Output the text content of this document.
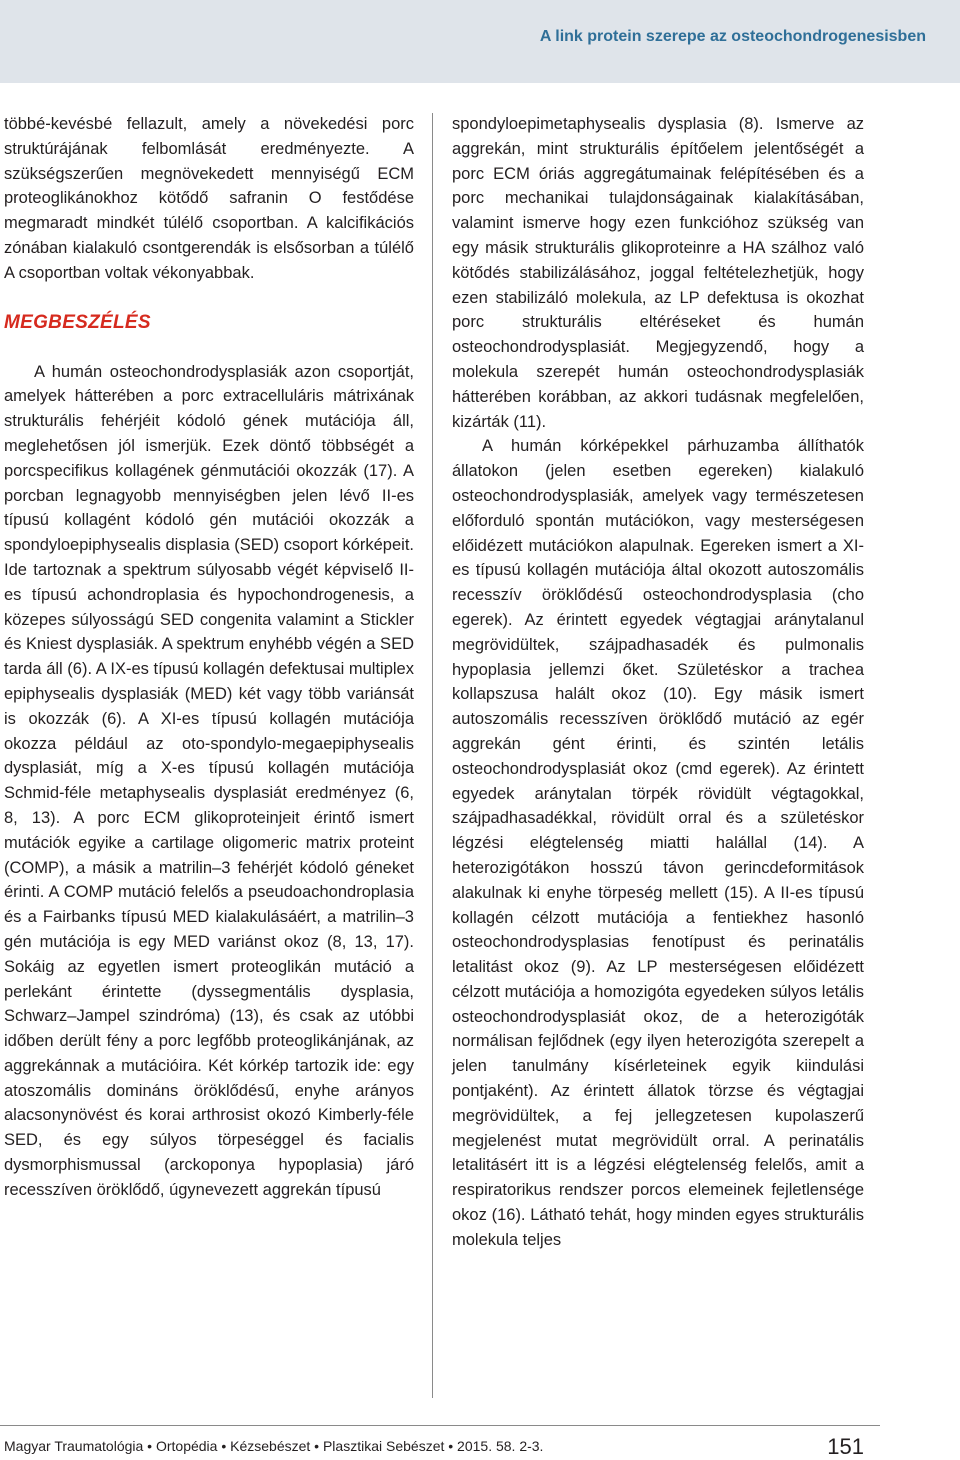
A link protein szerepe az osteochondrogenesisben

többé-kevésbé fellazult, amely a növekedési porc struktúrájának felbomlását eredményezte. A szükségszerűen megnövekedett mennyiségű ECM proteoglikánokhoz kötődő safranin O festődése megmaradt mindkét túlélő csoportban. A kalcifikációs zónában kialakuló csontgerendák is elsősorban a túlélő A csoportban voltak vékonyabbak.

MEGBESZÉLÉS

A humán osteochondrodysplasiák azon csoportját, amelyek hátterében a porc extracelluláris mátrixának strukturális fehérjéit kódoló gének mutációja áll, meglehetősen jól ismerjük. Ezek döntő többségét a porcspecifikus kollagének génmutációi okozzák (17). A porcban legnagyobb mennyiségben jelen lévő II-es típusú kollagént kódoló gén mutációi okozzák a spondyloepiphysealis displasia (SED) csoport kórképeit. Ide tartoznak a spektrum súlyosabb végét képviselő II-es típusú achondroplasia és hypochondrogenesis, a közepes súlyosságú SED congenita valamint a Stickler és Kniest dysplasiák. A spektrum enyhébb végén a SED tarda áll (6). A IX-es típusú kollagén defektusai multiplex epiphysealis dysplasiák (MED) két vagy több variánsát is okozzák (6). A XI-es típusú kollagén mutációja okozza például az oto-spondylo-megaepiphysealis dysplasiát, míg a X-es típusú kollagén mutációja Schmid-féle metaphysealis dysplasiát eredményez (6, 8, 13). A porc ECM glikoproteinjeit érintő ismert mutációk egyike a cartilage oligomeric matrix proteint (COMP), a másik a matrilin–3 fehérjét kódoló géneket érinti. A COMP mutáció felelős a pseudoachondroplasia és a Fairbanks típusú MED kialakulásáért, a matrilin–3 gén mutációja is egy MED variánst okoz (8, 13, 17). Sokáig az egyetlen ismert proteoglikán mutáció a perlekánt érintette (dyssegmentális dysplasia, Schwarz–Jampel szindróma) (13), és csak az utóbbi időben derült fény a porc legfőbb proteoglikánjának, az aggrekánnak a mutációira. Két kórkép tartozik ide: egy atoszomális domináns öröklődésű, enyhe arányos alacsonynövést és korai arthrosist okozó Kimberly-féle SED, és egy súlyos törpeséggel és facialis dysmorphismussal (arckoponya hypoplasia) járó recesszíven öröklődő, úgynevezett aggrekán típusú

spondyloepimetaphysealis dysplasia (8). Ismerve az aggrekán, mint strukturális építőelem jelentőségét a porc ECM óriás aggregátumainak felépítésében és a porc mechanikai tulajdonságainak kialakításában, valamint ismerve hogy ezen funkcióhoz szükség van egy másik strukturális glikoproteinre a HA szálhoz való kötődés stabilizálásához, joggal feltételezhetjük, hogy ezen stabilizáló molekula, az LP defektusa is okozhat porc strukturális eltéréseket és humán osteochondrodysplasiát. Megjegyzendő, hogy a molekula szerepét humán osteochondrodysplasiák hátterében korábban, az akkori tudásnak megfelelően, kizárták (11).

A humán kórképekkel párhuzamba állíthatók állatokon (jelen esetben egereken) kialakuló osteochondrodysplasiák, amelyek vagy természetesen előforduló spontán mutációkon, vagy mesterségesen előidézett mutációkon alapulnak. Egereken ismert a XI-es típusú kollagén mutációja által okozott autoszomális recesszív öröklődésű osteochondrodysplasia (cho egerek). Az érintett egyedek végtagjai aránytalanul megrövidültek, szájpadhasadék és pulmonalis hypoplasia jellemzi őket. Születéskor a trachea kollapszusa halált okoz (10). Egy másik ismert autoszomális recesszíven öröklődő mutáció az egér aggrekán gént érinti, és szintén letális osteochondrodysplasiát okoz (cmd egerek). Az érintett egyedek aránytalan törpék rövidült végtagokkal, szájpadhasadékkal, rövidült orral és a születéskor légzési elégtelenség miatti halállal (14). A heterozigótákon hosszú távon gerincdeformitások alakulnak ki enyhe törpeség mellett (15). A II-es típusú kollagén célzott mutációja a fentiekhez hasonló osteochondrodysplasias fenotípust és perinatális letalitást okoz (9). Az LP mesterségesen előidézett célzott mutációja a homozigóta egyedeken súlyos letális osteochondrodysplasiát okoz, de a heterozigóták normálisan fejlődnek (egy ilyen heterozigóta szerepelt a jelen tanulmány kísérleteinek egyik kiindulási pontjaként). Az érintett állatok törzse és végtagjai megrövidültek, a fej jellegzetesen kupolaszerű megjelenést mutat megrövidült orral. A perinatális letalitásért itt is a légzési elégtelenség felelős, amit a respiratorikus rendszer porcos elemeinek fejletlensége okoz (16). Látható tehát, hogy minden egyes strukturális molekula teljes

Magyar Traumatológia • Ortopédia • Kézsebészet • Plasztikai Sebészet • 2015. 58. 2-3.	151
